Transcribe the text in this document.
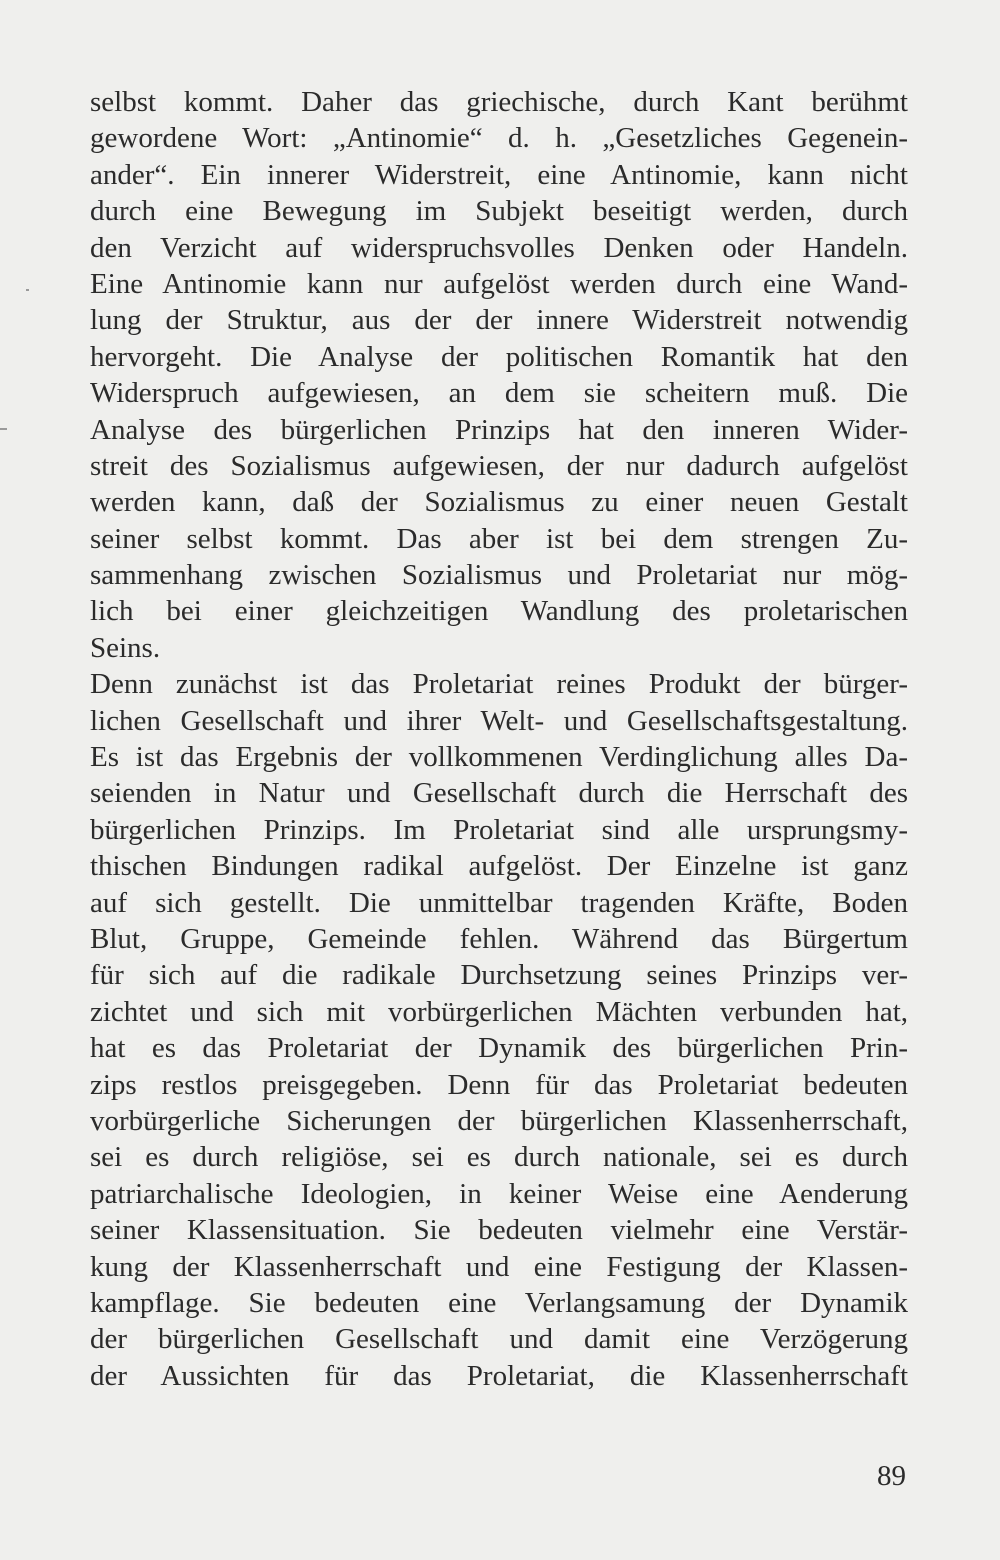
selbst kommt. Daher das griechische, durch Kant berühmt
gewordene Wort: „Antinomie“ d. h. „Gesetzliches Gegenein-
ander“. Ein innerer Widerstreit, eine Antinomie, kann nicht
durch eine Bewegung im Subjekt beseitigt werden, durch
den Verzicht auf widerspruchsvolles Denken oder Handeln.
Eine Antinomie kann nur aufgelöst werden durch eine Wand-
lung der Struktur, aus der der innere Widerstreit notwendig
hervorgeht. Die Analyse der politischen Romantik hat den
Widerspruch aufgewiesen, an dem sie scheitern muß. Die
Analyse des bürgerlichen Prinzips hat den inneren Wider-
streit des Sozialismus aufgewiesen, der nur dadurch aufgelöst
werden kann, daß der Sozialismus zu einer neuen Gestalt
seiner selbst kommt. Das aber ist bei dem strengen Zu-
sammenhang zwischen Sozialismus und Proletariat nur mög-
lich bei einer gleichzeitigen Wandlung des proletarischen
Seins.
Denn zunächst ist das Proletariat reines Produkt der bürger-
lichen Gesellschaft und ihrer Welt- und Gesellschaftsgestaltung.
Es ist das Ergebnis der vollkommenen Verdinglichung alles Da-
seienden in Natur und Gesellschaft durch die Herrschaft des
bürgerlichen Prinzips. Im Proletariat sind alle ursprungsmy-
thischen Bindungen radikal aufgelöst. Der Einzelne ist ganz
auf sich gestellt. Die unmittelbar tragenden Kräfte, Boden
Blut, Gruppe, Gemeinde fehlen. Während das Bürgertum
für sich auf die radikale Durchsetzung seines Prinzips ver-
zichtet und sich mit vorbürgerlichen Mächten verbunden hat,
hat es das Proletariat der Dynamik des bürgerlichen Prin-
zips restlos preisgegeben. Denn für das Proletariat bedeuten
vorbürgerliche Sicherungen der bürgerlichen Klassenherrschaft,
sei es durch religiöse, sei es durch nationale, sei es durch
patriarchalische Ideologien, in keiner Weise eine Aenderung
seiner Klassensituation. Sie bedeuten vielmehr eine Verstär-
kung der Klassenherrschaft und eine Festigung der Klassen-
kampflage. Sie bedeuten eine Verlangsamung der Dynamik
der bürgerlichen Gesellschaft und damit eine Verzögerung
der Aussichten für das Proletariat, die Klassenherrschaft
89
